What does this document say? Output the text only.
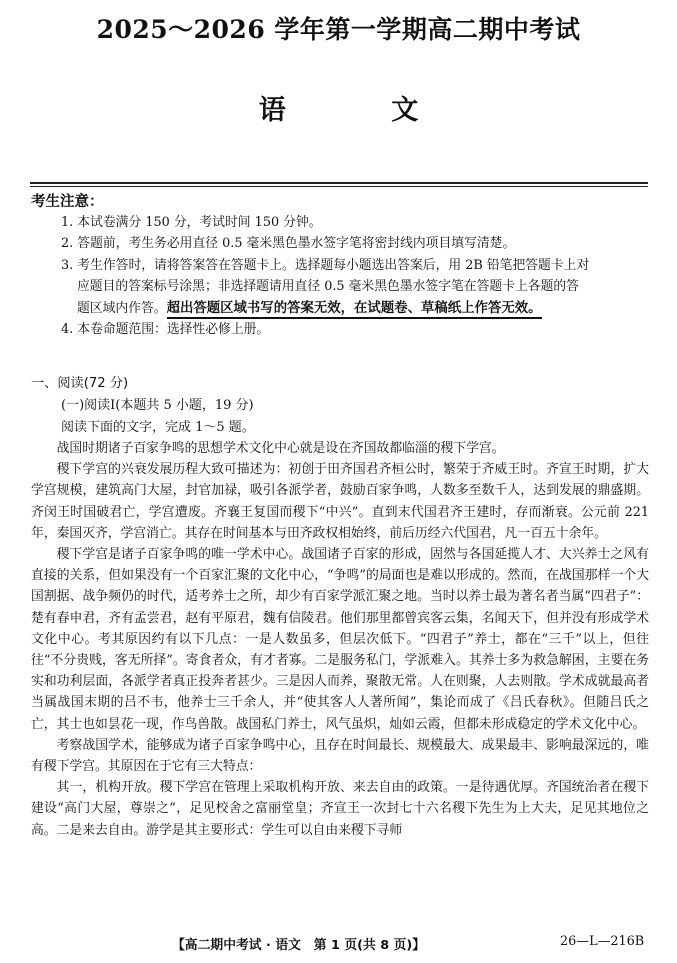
2025～2026 学年第一学期高二期中考试
语 文
考生注意：
1. 本试卷满分 150 分，考试时间 150 分钟。
2. 答题前，考生务必用直径 0.5 毫米黑色墨水签字笔将密封线内项目填写清楚。
3. 考生作答时，请将答案答在答题卡上。选择题每小题选出答案后，用 2B 铅笔把答题卡上对
应题目的答案标号涂黑；非选择题请用直径 0.5 毫米黑色墨水签字笔在答题卡上各题的答
题区域内作答。超出答题区域书写的答案无效，在试题卷、草稿纸上作答无效。
4. 本卷命题范围：选择性必修上册。
一、阅读(72 分)
(一)阅读Ⅰ(本题共 5 小题，19 分)
阅读下面的文字，完成 1～5 题。

战国时期诸子百家争鸣的思想学术文化中心就是设在齐国故都临淄的稷下学宫。

稷下学宫的兴衰发展历程大致可描述为：初创于田齐国君齐桓公时，繁荣于齐威王时。齐宣王时期，扩大学宫规模，建筑高门大屋，封官加禄，吸引各派学者，鼓励百家争鸣，人数多至数千人，达到发展的鼎盛期。齐闵王时国破君亡，学宫遭废。齐襄王复国而稷下“中兴”。直到末代国君齐王建时，存而渐衰。公元前 221 年，秦国灭齐，学宫消亡。其存在时间基本与田齐政权相始终，前后历经六代国君，凡一百五十余年。

稷下学宫是诸子百家争鸣的唯一学术中心。战国诸子百家的形成，固然与各国延揽人才、大兴养士之风有直接的关系，但如果没有一个百家汇聚的文化中心，“争鸣”的局面也是难以形成的。然而，在战国那样一个大国割据、战争频仍的时代，适考养士之所，却少有百家学派汇聚之地。当时以养士最为著名者当属“四君子”：楚有春申君，齐有孟尝君，赵有平原君，魏有信陵君。他们那里都曾宾客云集，名闻天下，但并没有形成学术文化中心。考其原因约有以下几点：一是人数虽多，但层次低下。“四君子”养士，都在“三千”以上，但往往“不分贵贱，客无所择”。寄食者众，有才者寡。二是服务私门，学派难入。其养士多为救急解困，主要在务实和功利层面，各派学者真正投奔者甚少。三是因人而养，聚散无常。人在则聚，人去则散。学术成就最高者当属战国末期的吕不韦，他养士三千余人，并“使其客人人著所闻”，集论而成了《吕氏春秋》。但随吕氏之亡，其士也如昙花一现，作鸟兽散。战国私门养士，风气虽炽，灿如云霞，但都未形成稳定的学术文化中心。

考察战国学术，能够成为诸子百家争鸣中心，且存在时间最长、规模最大、成果最丰、影响最深远的，唯有稷下学宫。其原因在于它有三大特点：

其一，机构开放。稷下学宫在管理上采取机构开放、来去自由的政策。一是待遇优厚。齐国统治者在稷下建设“高门大屋，尊崇之”，足见校舍之富丽堂皇；齐宣王一次封七十六名稷下先生为上大夫，足见其地位之高。二是来去自由。游学是其主要形式：学生可以自由来稷下寻师

【高二期中考试 · 语文　第 1 页(共 8 页)】	26—L—216B
